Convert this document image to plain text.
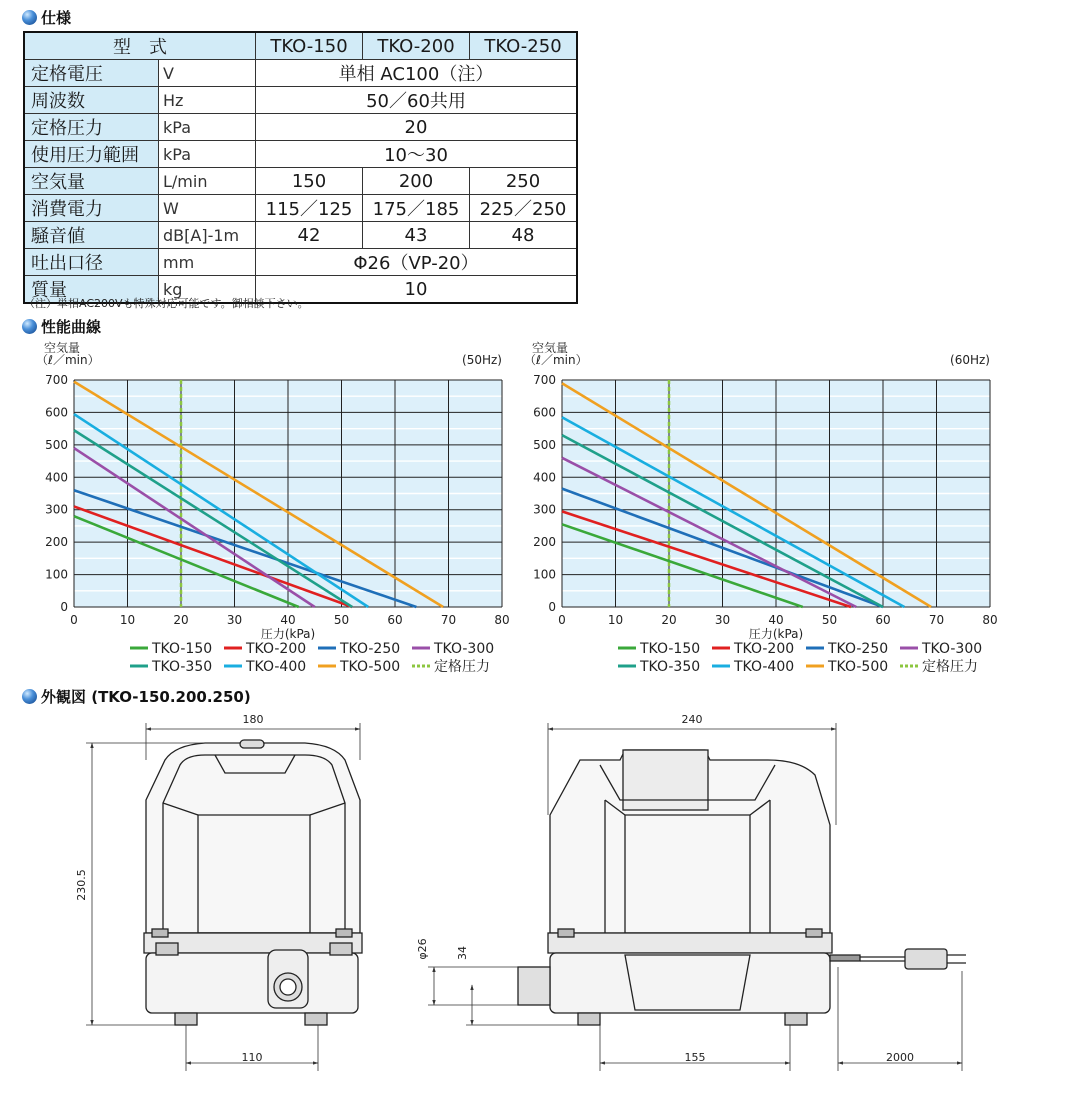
仕様
型　式		TKO-150	TKO-200	TKO-250
定格電圧	V	単相 AC100（注）		
周波数	Hz	50／60共用		
定格圧力	kPa	20		
使用圧力範囲	kPa	10〜30		
空気量	L/min	150	200	250
消費電力	W	115／125	175／185	225／250
騒音値	dB[A]-1m	42	43	48
吐出口径	mm	Φ26（VP-20）		
質量	kg	10		
（注）単相AC200Vも特殊対応可能です。御相談下さい。
性能曲線
0
100
200
300
400
500
600
700
0	10	20	30	40	50	60	70	80
空気量
（ℓ／min）	(50Hz)
圧力(kPa)
TKO-150 TKO-200 TKO-250 TKO-300
TKO-350 TKO-400 TKO-500 定格圧力
0
100
200
300
400
500
600
700
0	10	20	30	40	50	60	70	80
空気量
（ℓ／min）	(60Hz)
圧力(kPa)
TKO-150 TKO-200 TKO-250 TKO-300
TKO-350 TKO-400 TKO-500 定格圧力
外観図 (TKO-150.200.250)
180
230.5
110
240
φ26 34
155	2000
